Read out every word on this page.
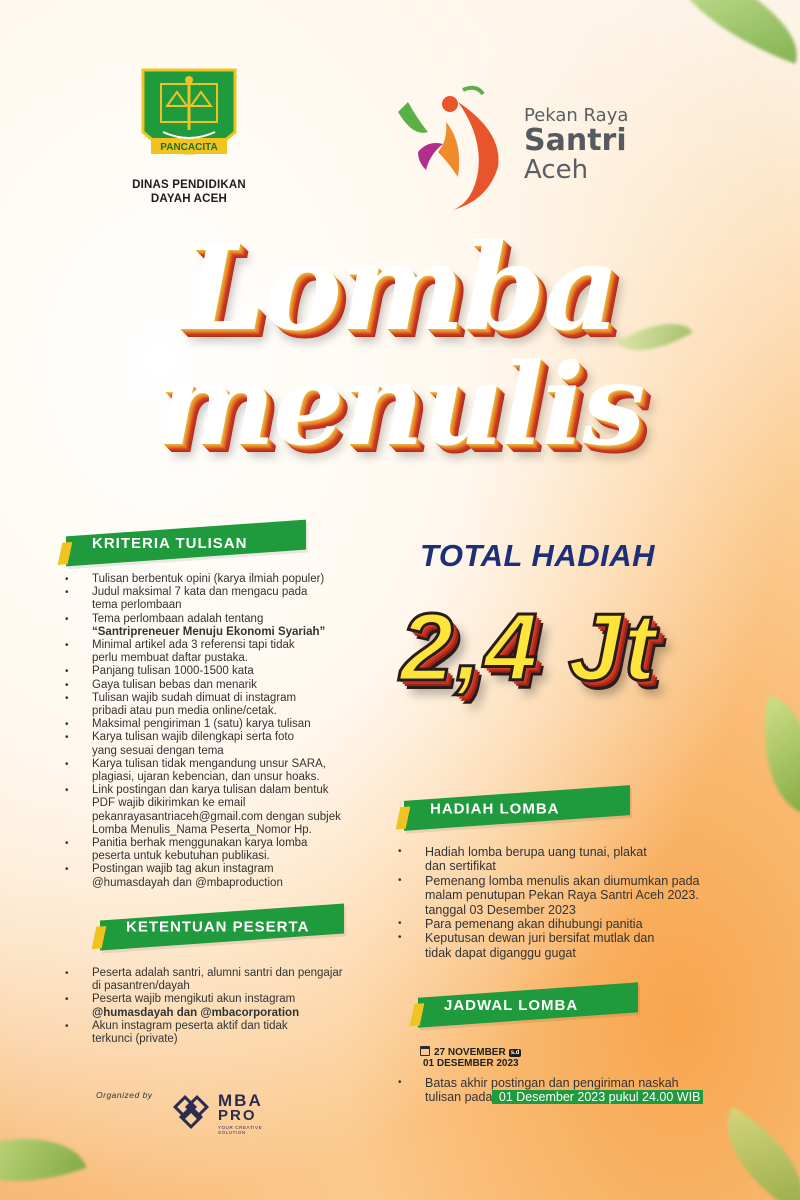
PANCACITA
DINAS PENDIDIKAN
DAYAH ACEH
Pekan Raya
Santri
Aceh
Lomba
menulis
KRITERIA TULISAN
• Tulisan berbentuk opini (karya ilmiah populer)
• Judul maksimal 7 kata dan mengacu pada
tema perlombaan
• Tema perlombaan adalah tentang
“Santripreneuer Menuju Ekonomi Syariah”
• Minimal artikel ada 3 referensi tapi tidak
perlu membuat daftar pustaka.
• Panjang tulisan 1000-1500 kata
• Gaya tulisan bebas dan menarik
• Tulisan wajib sudah dimuat di instagram
pribadi atau pun media online/cetak.
• Maksimal pengiriman 1 (satu) karya tulisan
• Karya tulisan wajib dilengkapi serta foto
yang sesuai dengan tema
• Karya tulisan tidak mengandung unsur SARA,
plagiasi, ujaran kebencian, dan unsur hoaks.
• Link postingan dan karya tulisan dalam bentuk
PDF wajib dikirimkan ke email
pekanrayasantriaceh@gmail.com dengan subjek
Lomba Menulis_Nama Peserta_Nomor Hp.
• Panitia berhak menggunakan karya lomba
peserta untuk kebutuhan publikasi.
• Postingan wajib tag akun instagram
@humasdayah dan @mbaproduction
KETENTUAN PESERTA
• Peserta adalah santri, alumni santri dan pengajar
di pasantren/dayah
• Peserta wajib mengikuti akun instagram
@humasdayah dan @mbacorporation
• Akun instagram peserta aktif dan tidak
terkunci (private)
TOTAL HADIAH
2,4 Jt
HADIAH LOMBA
• Hadiah lomba berupa uang tunai, plakat
dan sertifikat
• Pemenang lomba menulis akan diumumkan pada
malam penutupan Pekan Raya Santri Aceh 2023.
tanggal 03 Desember 2023
• Para pemenang akan dihubungi panitia
• Keputusan dewan juri bersifat mutlak dan
tidak dapat diganggu gugat
JADWAL LOMBA
27 NOVEMBER s.d
01 DESEMBER 2023
• Batas akhir postingan dan pengiriman naskah
tulisan pada 01 Desember 2023 pukul 24.00 WIB
Organized by	MBA
PRO
YOUR CREATIVE SOLUTION
